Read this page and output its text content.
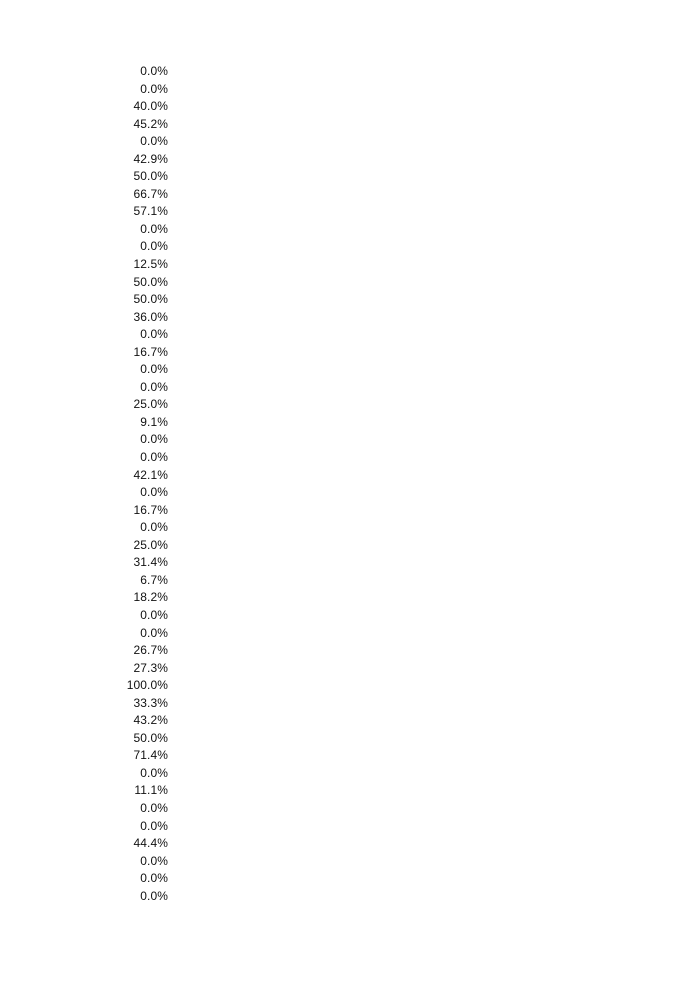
0.0%
0.0%
40.0%
45.2%
0.0%
42.9%
50.0%
66.7%
57.1%
0.0%
0.0%
12.5%
50.0%
50.0%
36.0%
0.0%
16.7%
0.0%
0.0%
25.0%
9.1%
0.0%
0.0%
42.1%
0.0%
16.7%
0.0%
25.0%
31.4%
6.7%
18.2%
0.0%
0.0%
26.7%
27.3%
100.0%
33.3%
43.2%
50.0%
71.4%
0.0%
11.1%
0.0%
0.0%
44.4%
0.0%
0.0%
0.0%
